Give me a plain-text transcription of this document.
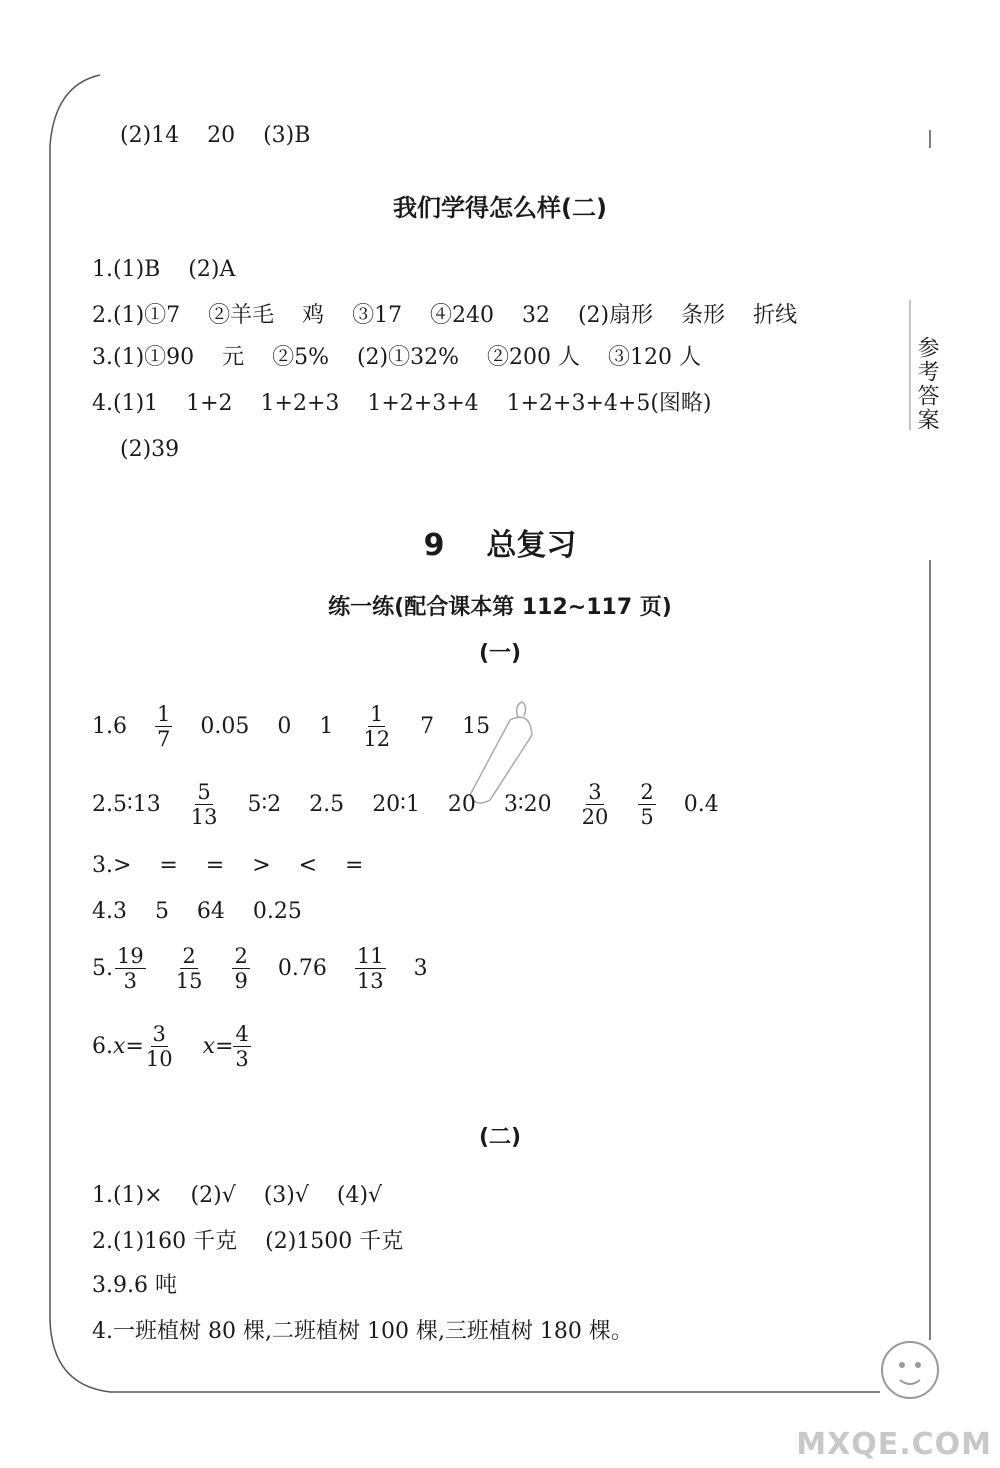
(2)14    20    (3)B
我们学得怎么样(二)
1.(1)B    (2)A
2.(1)①7    ②羊毛    鸡    ③17    ④240    32    (2)扇形    条形    折线
3.(1)①90    元    ②5%    (2)①32%    ②200 人    ③120 人
4.(1)1    1+2    1+2+3    1+2+3+4    1+2+3+4+5(图略)
(2)39
参考答案
9 总复习
练一练(配合课本第 112~117 页)
(一)
$1.6 \frac{1}{7} 0.05$ 0 $1 \frac{1}{12} 7$ 15
2.5∶13 $\frac{5}{13}$ 5∶2 2.5 20∶1 20 3∶20 $\frac{3}{20} \frac{2}{5} 0.4$
3.>    =    =    >    <    =
4.3    5    64    0.25
5. $\frac{19}{3} \frac{2}{15} \frac{2}{9} 0.76 \frac{11}{13} 3$
6. $x= \frac{3}{10} x= \frac{4}{3}$
(二)
1.(1)×    (2)√    (3)√    (4)√
2.(1)160 千克    (2)1500 千克
3.9.6 吨
4.一班植树 80 棵,二班植树 100 棵,三班植树 180 棵。
MXQE.COM
